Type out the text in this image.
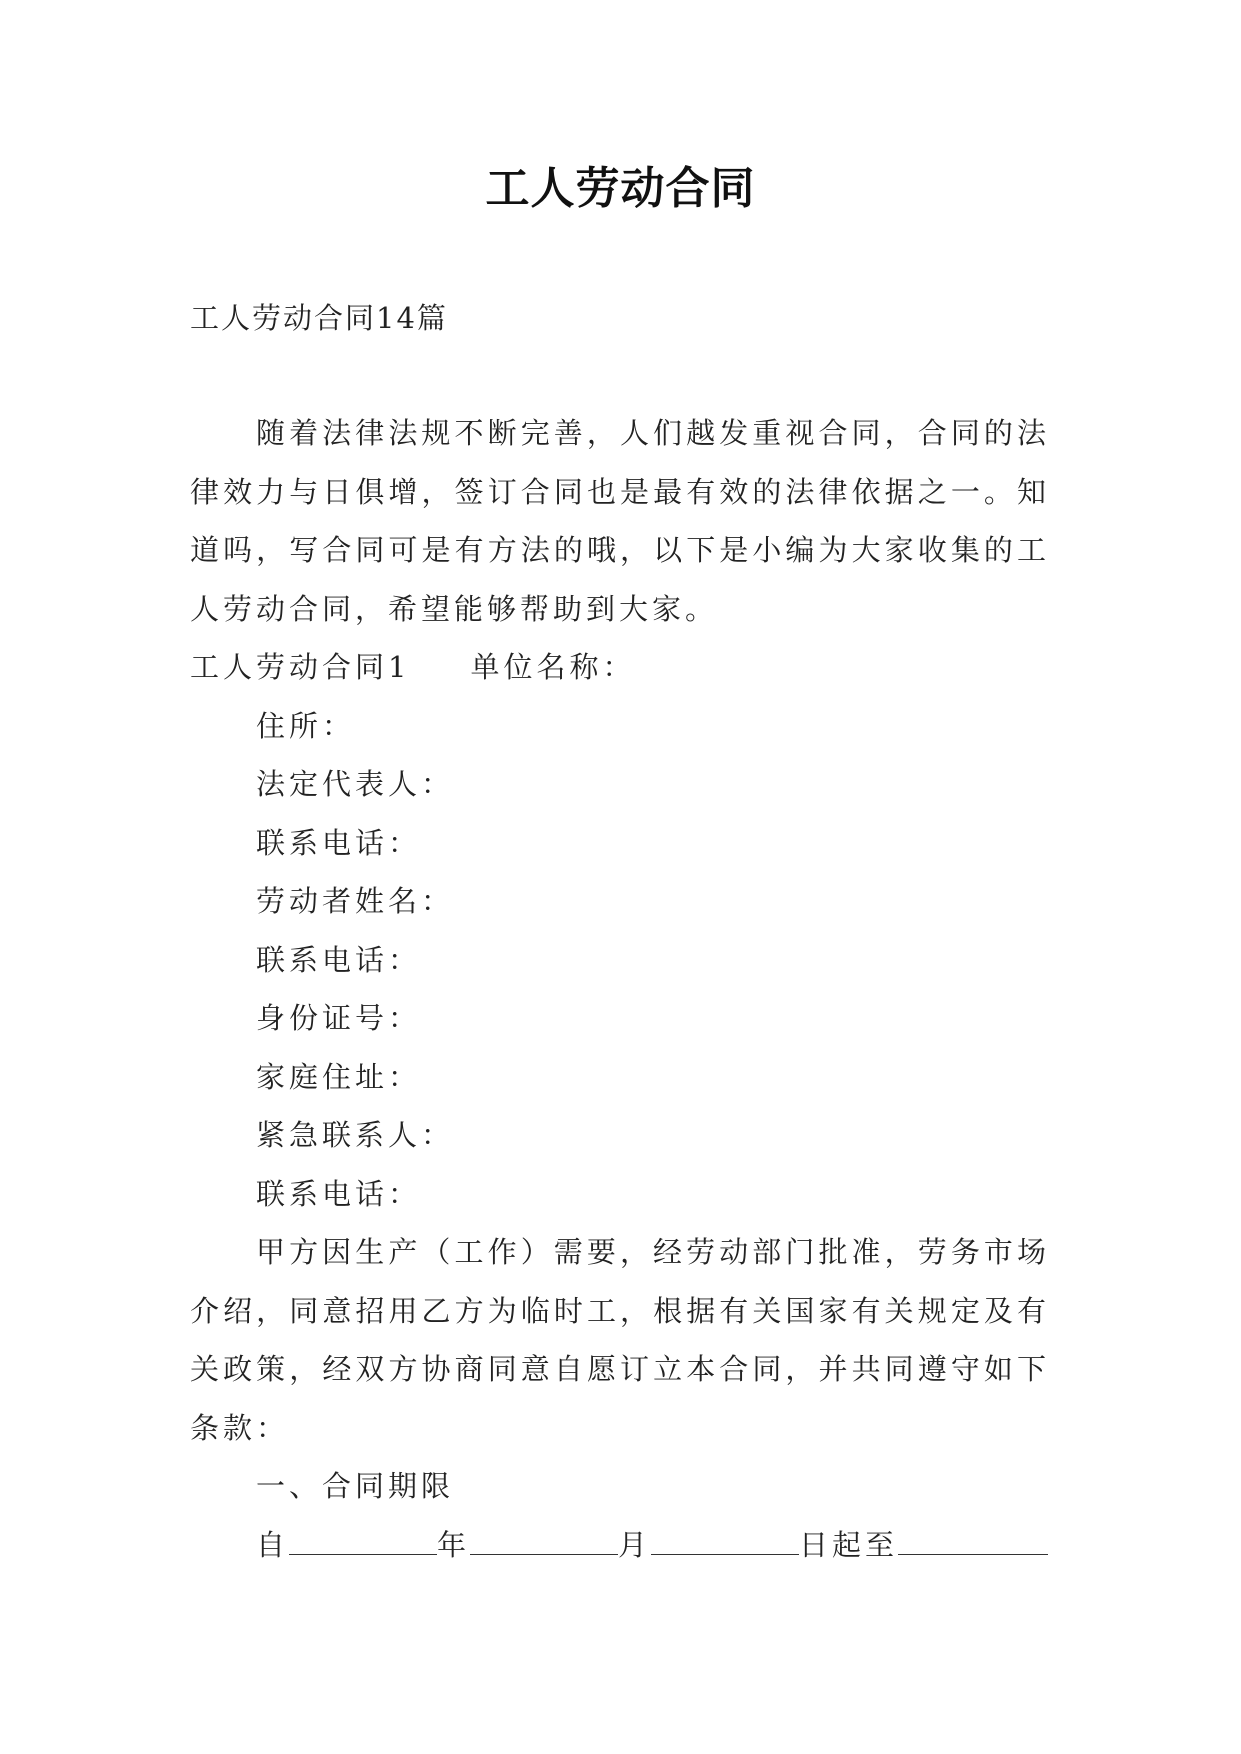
工人劳动合同
工人劳动合同14篇

随着法律法规不断完善，人们越发重视合同，合同的法律效力与日俱增，签订合同也是最有效的法律依据之一。知道吗，写合同可是有方法的哦，以下是小编为大家收集的工人劳动合同，希望能够帮助到大家。

工人劳动合同1 单位名称：

住所：

法定代表人：

联系电话：

劳动者姓名：

联系电话：

身份证号：

家庭住址：

紧急联系人：

联系电话：

甲方因生产（工作）需要，经劳动部门批准，劳务市场介绍，同意招用乙方为临时工，根据有关国家有关规定及有关政策，经双方协商同意自愿订立本合同，并共同遵守如下条款：

一、合同期限

自	年	月	日起至
